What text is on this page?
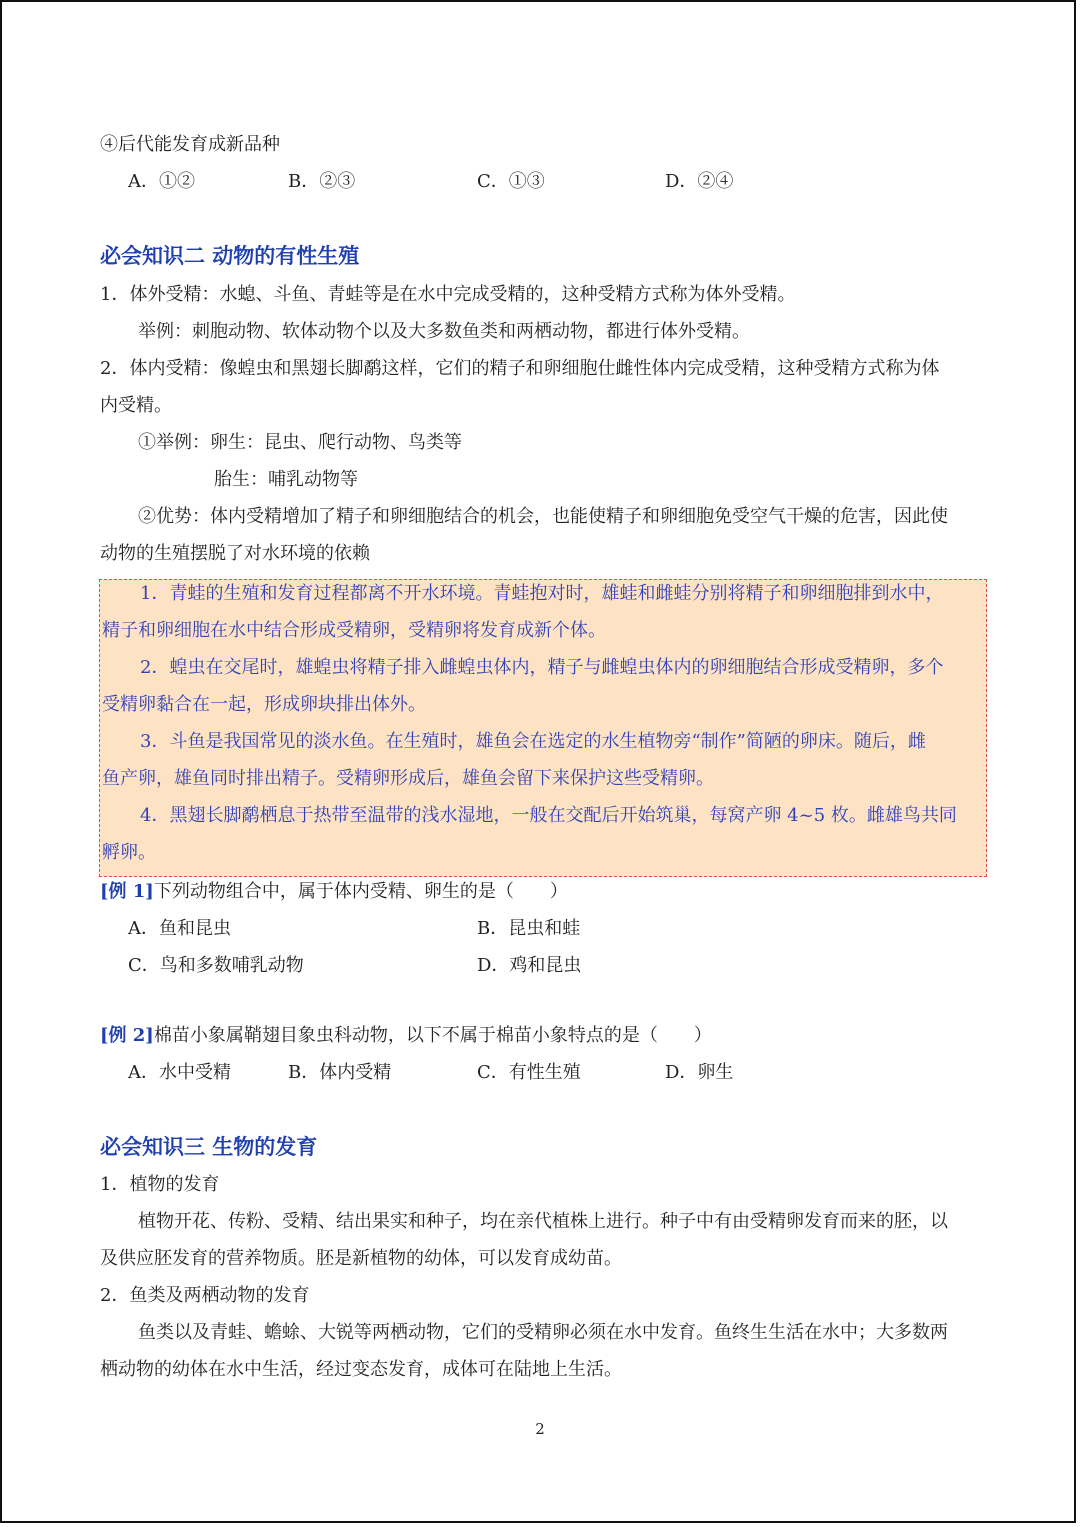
④后代能发育成新品种
A．①②	B．②③	C．①③	D．②④
必会知识二 动物的有性生殖
1．体外受精：水螅、斗鱼、青蛙等是在水中完成受精的，这种受精方式称为体外受精。
举例：刺胞动物、软体动物个以及大多数鱼类和两栖动物，都进行体外受精。
2．体内受精：像蝗虫和黑翅长脚鹬这样，它们的精子和卵细胞仕雌性体内完成受精，这种受精方式称为体
内受精。
①举例：卵生：昆虫、爬行动物、鸟类等
胎生：哺乳动物等
②优势：体内受精增加了精子和卵细胞结合的机会，也能使精子和卵细胞免受空气干燥的危害，因此使
动物的生殖摆脱了对水环境的依赖
1．青蛙的生殖和发育过程都离不开水环境。青蛙抱对时，雄蛙和雌蛙分别将精子和卵细胞排到水中，
精子和卵细胞在水中结合形成受精卵，受精卵将发育成新个体。
2．蝗虫在交尾时，雄蝗虫将精子排入雌蝗虫体内，精子与雌蝗虫体内的卵细胞结合形成受精卵，多个
受精卵黏合在一起，形成卵块排出体外。
3．斗鱼是我国常见的淡水鱼。在生殖时，雄鱼会在选定的水生植物旁“制作”简陋的卵床。随后，雌
鱼产卵，雄鱼同时排出精子。受精卵形成后，雄鱼会留下来保护这些受精卵。
4．黑翅长脚鹬栖息于热带至温带的浅水湿地，一般在交配后开始筑巢，每窝产卵 4~5 枚。雌雄鸟共同
孵卵。
[例 1]下列动物组合中，属于体内受精、卵生的是（　　）
A．鱼和昆虫	B．昆虫和蛙
C．鸟和多数哺乳动物	D．鸡和昆虫
[例 2]棉苗小象属鞘翅目象虫科动物，以下不属于棉苗小象特点的是（　　）
A．水中受精	B．体内受精	C．有性生殖	D．卵生
必会知识三 生物的发育
1．植物的发育
植物开花、传粉、受精、结出果实和种子，均在亲代植株上进行。种子中有由受精卵发育而来的胚，以
及供应胚发育的营养物质。胚是新植物的幼体，可以发育成幼苗。
2．鱼类及两栖动物的发育
鱼类以及青蛙、蟾蜍、大锐等两栖动物，它们的受精卵必须在水中发育。鱼终生生活在水中；大多数两
栖动物的幼体在水中生活，经过变态发育，成体可在陆地上生活。
2
